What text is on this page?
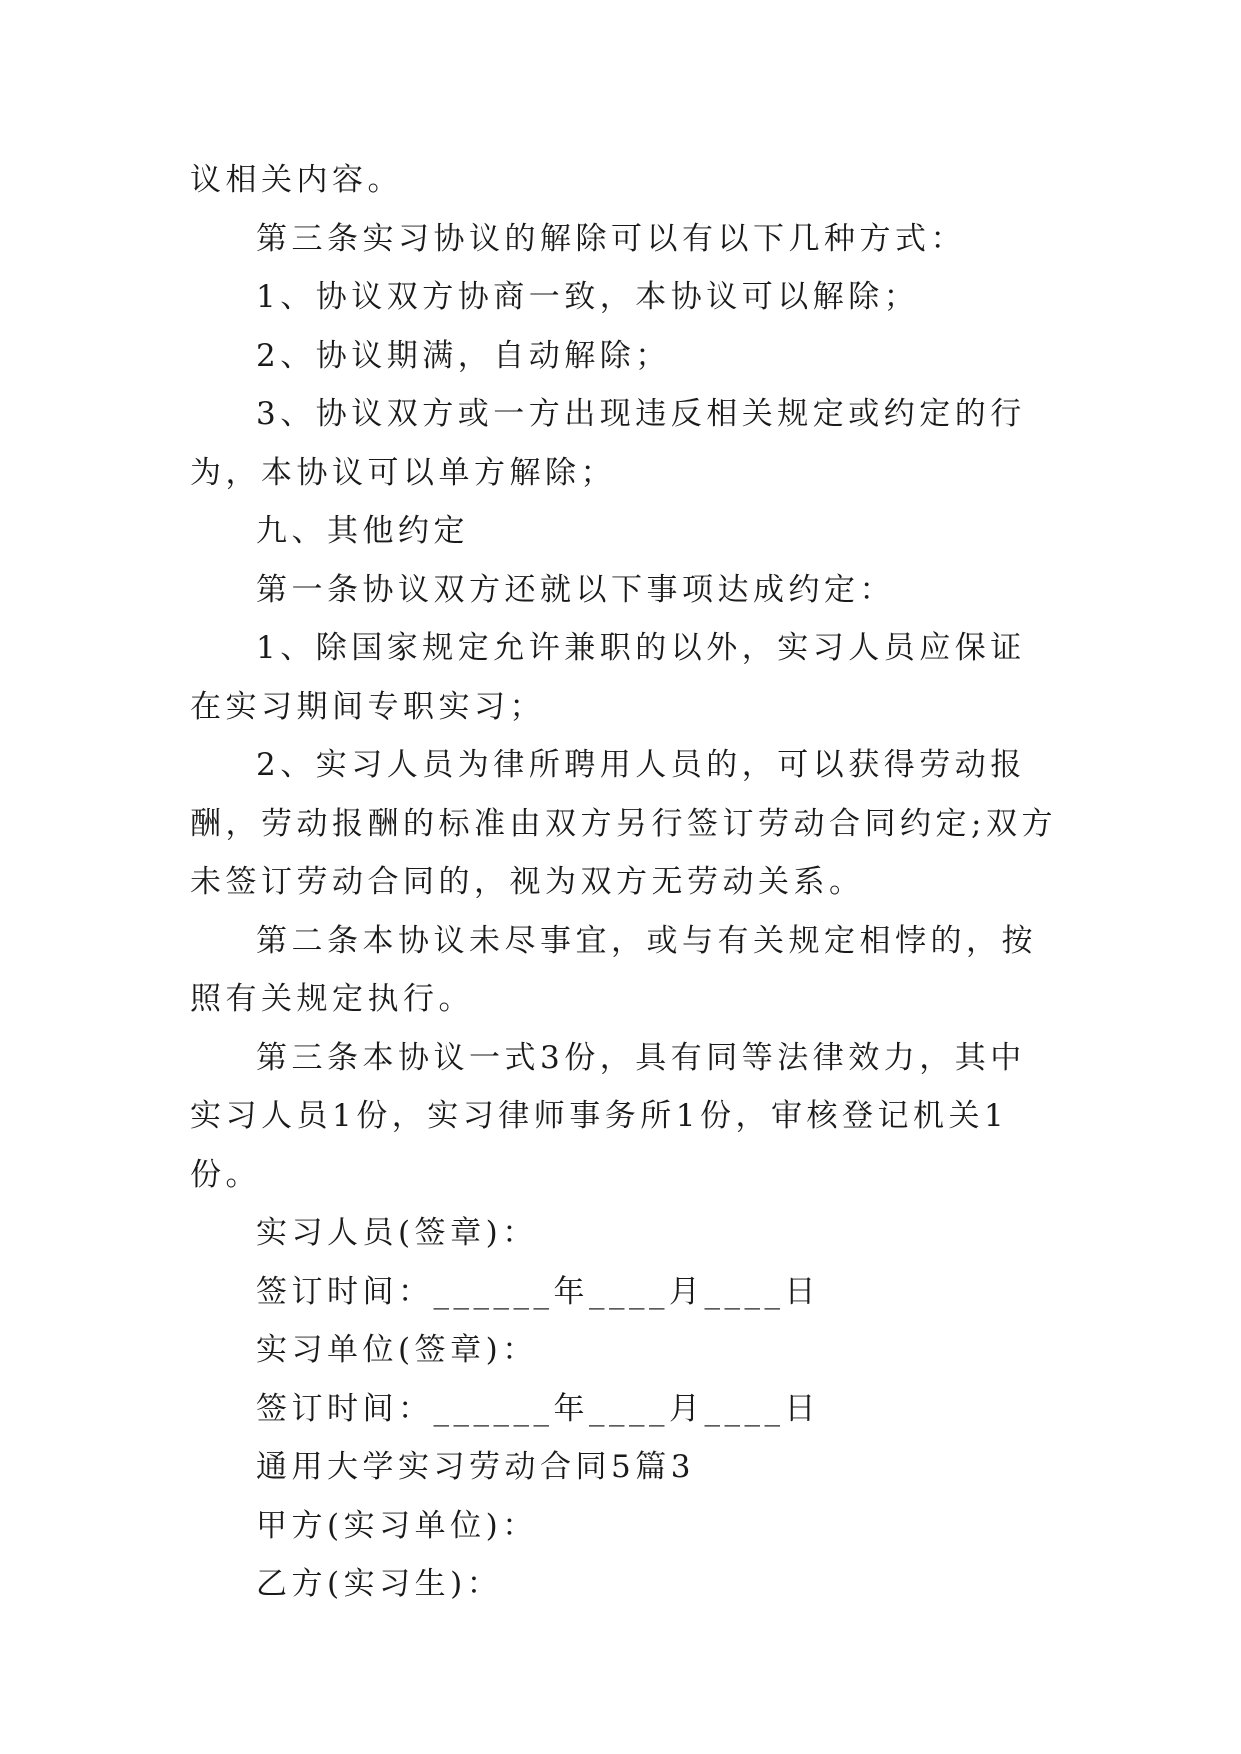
议相关内容。

第三条实习协议的解除可以有以下几种方式：

1、协议双方协商一致，本协议可以解除；

2、协议期满，自动解除；

3、协议双方或一方出现违反相关规定或约定的行为，本协议可以单方解除；

九、其他约定

第一条协议双方还就以下事项达成约定：

1、除国家规定允许兼职的以外，实习人员应保证在实习期间专职实习；

2、实习人员为律所聘用人员的，可以获得劳动报酬，劳动报酬的标准由双方另行签订劳动合同约定;双方未签订劳动合同的，视为双方无劳动关系。

第二条本协议未尽事宜，或与有关规定相悖的，按照有关规定执行。

第三条本协议一式3份，具有同等法律效力，其中实习人员1份，实习律师事务所1份，审核登记机关1份。

实习人员(签章)：

签订时间：______年____月____日

实习单位(签章)：

签订时间：______年____月____日

通用大学实习劳动合同5篇3

甲方(实习单位)：

乙方(实习生)：
